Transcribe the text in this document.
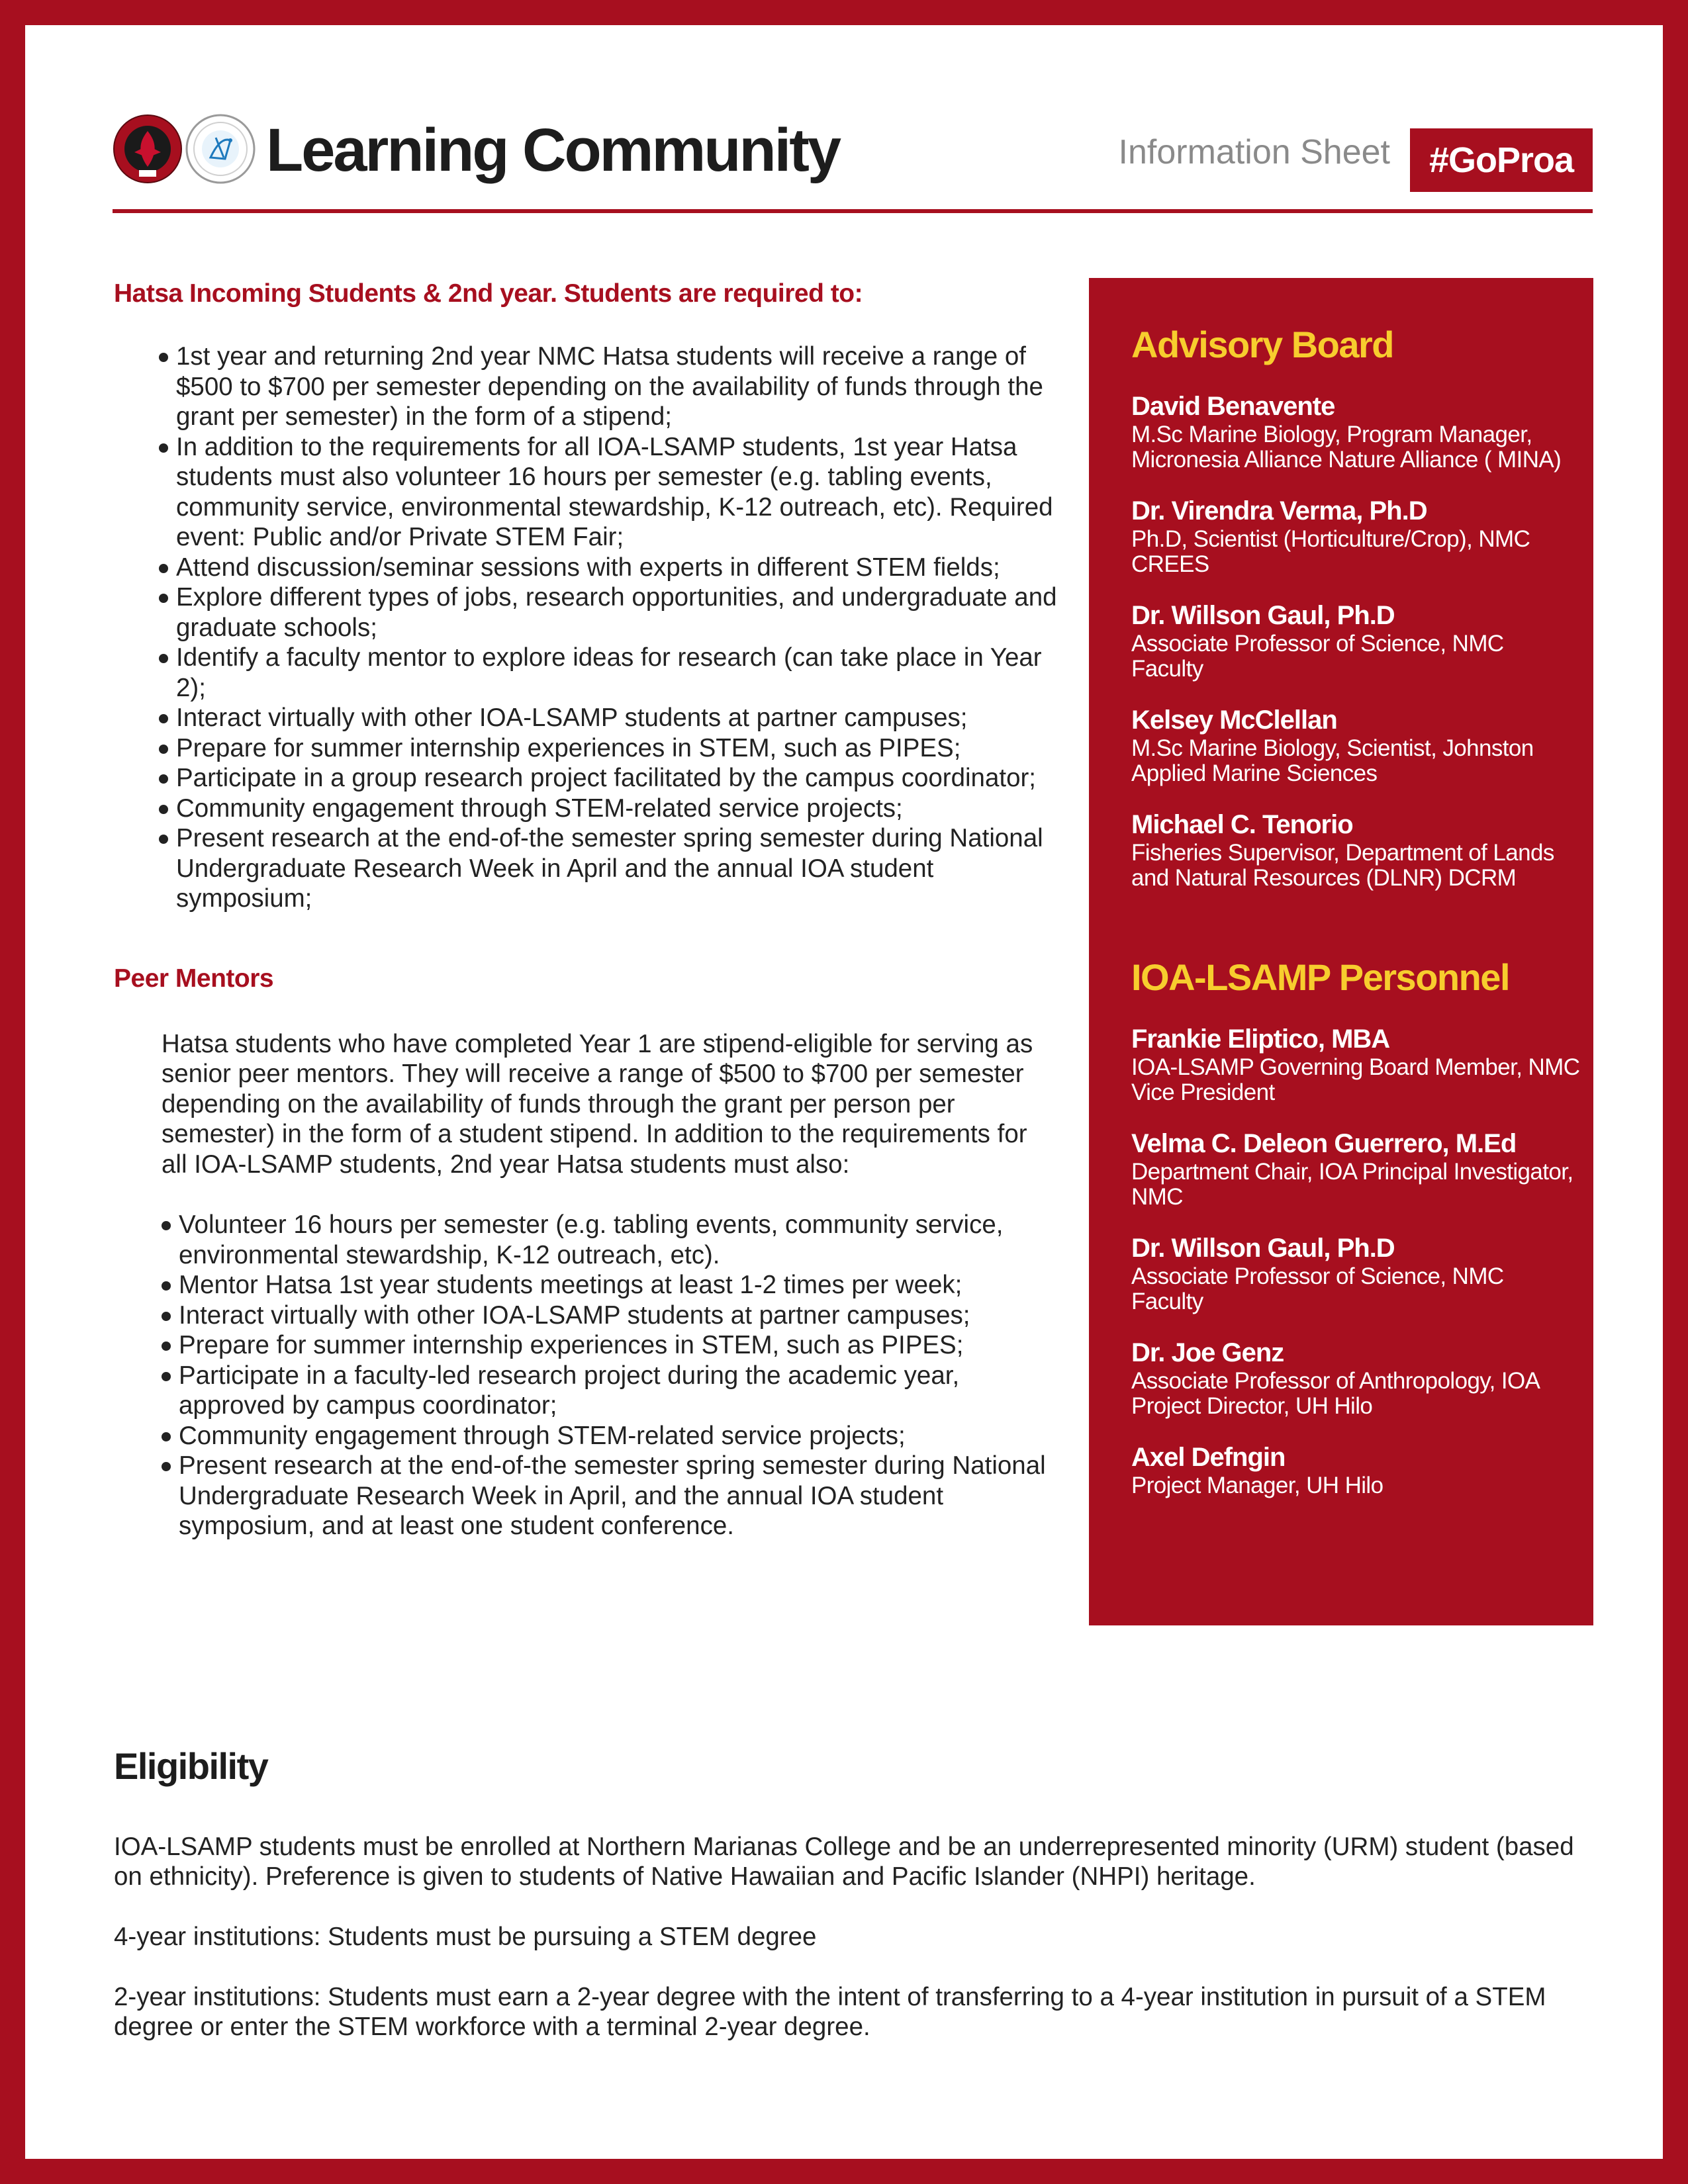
Learning Community	Information Sheet	#GoProa
Hatsa Incoming Students & 2nd year. Students are required to:
1st year and returning 2nd year NMC Hatsa students will receive a range of $500 to $700 per semester depending on the availability of funds through the grant per semester) in the form of a stipend;
In addition to the requirements for all IOA-LSAMP students, 1st year Hatsa students must also volunteer 16 hours per semester (e.g. tabling events, community service, environmental stewardship, K-12 outreach, etc). Required event: Public and/or Private STEM Fair;
Attend discussion/seminar sessions with experts in different STEM fields;
Explore different types of jobs, research opportunities, and undergraduate and graduate schools;
Identify a faculty mentor to explore ideas for research (can take place in Year 2);
Interact virtually with other IOA-LSAMP students at partner campuses;
Prepare for summer internship experiences in STEM, such as PIPES;
Participate in a group research project facilitated by the campus coordinator;
Community engagement through STEM-related service projects;
Present research at the end-of-the semester spring semester during National Undergraduate Research Week in April and the annual IOA student symposium;
Peer Mentors
Hatsa students who have completed Year 1 are stipend-eligible for serving as senior peer mentors. They will receive a range of $500 to $700 per semester depending on the availability of funds through the grant per person per semester) in the form of a student stipend. In addition to the requirements for all IOA-LSAMP students, 2nd year Hatsa students must also:
Volunteer 16 hours per semester (e.g. tabling events, community service, environmental stewardship, K-12 outreach, etc).
Mentor Hatsa 1st year students meetings at least 1-2 times per week;
Interact virtually with other IOA-LSAMP students at partner campuses;
Prepare for summer internship experiences in STEM, such as PIPES;
Participate in a faculty-led research project during the academic year, approved by campus coordinator;
Community engagement through STEM-related service projects;
Present research at the end-of-the semester spring semester during National Undergraduate Research Week in April, and the annual IOA student symposium, and at least one student conference.
Advisory Board
David Benavente
M.Sc Marine Biology, Program Manager, Micronesia Alliance Nature Alliance ( MINA)
Dr. Virendra Verma, Ph.D
Ph.D, Scientist (Horticulture/Crop), NMC CREES
Dr. Willson Gaul, Ph.D
Associate Professor of Science, NMC Faculty
Kelsey McClellan
M.Sc Marine Biology, Scientist, Johnston Applied Marine Sciences
Michael C. Tenorio
Fisheries Supervisor, Department of Lands and Natural Resources (DLNR) DCRM
IOA-LSAMP Personnel
Frankie Eliptico, MBA
IOA-LSAMP Governing Board Member, NMC Vice President
Velma C. Deleon Guerrero, M.Ed
Department Chair, IOA Principal Investigator, NMC
Dr. Willson Gaul, Ph.D
Associate Professor of Science, NMC Faculty
Dr. Joe Genz
Associate Professor of Anthropology, IOA Project Director, UH Hilo
Axel Defngin
Project Manager, UH Hilo
Eligibility

IOA-LSAMP students must be enrolled at Northern Marianas College and be an underrepresented minority (URM) student (based on ethnicity). Preference is given to students of Native Hawaiian and Pacific Islander (NHPI) heritage.

4-year institutions: Students must be pursuing a STEM degree

2-year institutions: Students must earn a 2-year degree with the intent of transferring to a 4-year institution in pursuit of a STEM degree or enter the STEM workforce with a terminal 2-year degree.
